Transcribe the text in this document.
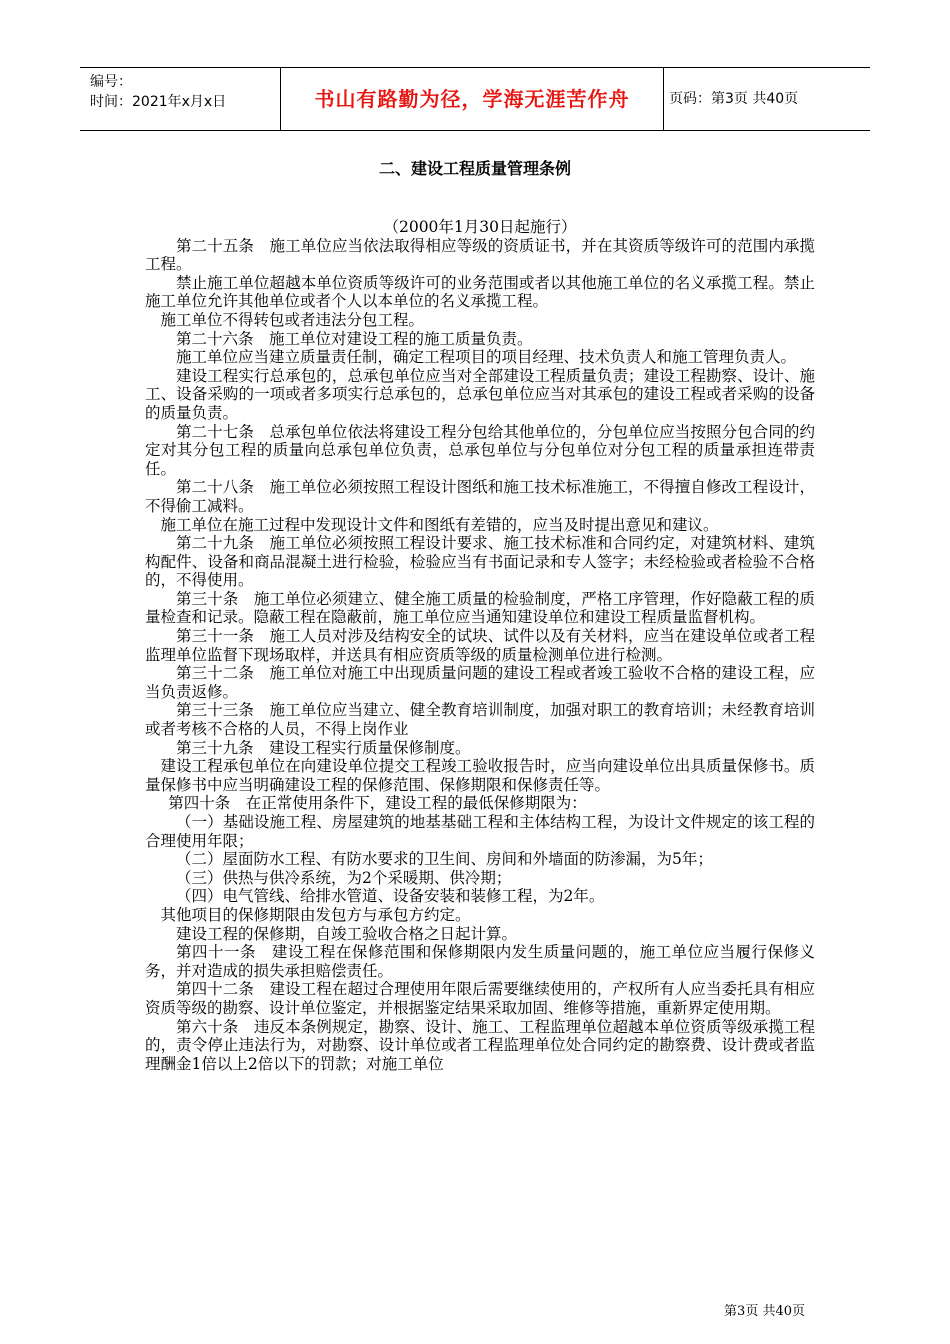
编号：
时间：2021年x月x日	书山有路勤为径，学海无涯苦作舟	页码：第3页 共40页
二、建设工程质量管理条例

（2000年1月30日起施行）

第二十五条　施工单位应当依法取得相应等级的资质证书，并在其资质等级许可的范围内承揽工程。

禁止施工单位超越本单位资质等级许可的业务范围或者以其他施工单位的名义承揽工程。禁止施工单位允许其他单位或者个人以本单位的名义承揽工程。

施工单位不得转包或者违法分包工程。

第二十六条　施工单位对建设工程的施工质量负责。

施工单位应当建立质量责任制，确定工程项目的项目经理、技术负责人和施工管理负责人。

建设工程实行总承包的，总承包单位应当对全部建设工程质量负责；建设工程勘察、设计、施工、设备采购的一项或者多项实行总承包的，总承包单位应当对其承包的建设工程或者采购的设备的质量负责。

第二十七条　总承包单位依法将建设工程分包给其他单位的，分包单位应当按照分包合同的约定对其分包工程的质量向总承包单位负责，总承包单位与分包单位对分包工程的质量承担连带责任。

第二十八条　施工单位必须按照工程设计图纸和施工技术标准施工，不得擅自修改工程设计，不得偷工减料。

施工单位在施工过程中发现设计文件和图纸有差错的，应当及时提出意见和建议。

第二十九条　施工单位必须按照工程设计要求、施工技术标准和合同约定，对建筑材料、建筑构配件、设备和商品混凝土进行检验，检验应当有书面记录和专人签字；未经检验或者检验不合格的，不得使用。

第三十条　施工单位必须建立、健全施工质量的检验制度，严格工序管理，作好隐蔽工程的质量检查和记录。隐蔽工程在隐蔽前，施工单位应当通知建设单位和建设工程质量监督机构。

第三十一条　施工人员对涉及结构安全的试块、试件以及有关材料，应当在建设单位或者工程监理单位监督下现场取样，并送具有相应资质等级的质量检测单位进行检测。

第三十二条　施工单位对施工中出现质量问题的建设工程或者竣工验收不合格的建设工程，应当负责返修。

第三十三条　施工单位应当建立、健全教育培训制度，加强对职工的教育培训；未经教育培训或者考核不合格的人员，不得上岗作业

第三十九条　建设工程实行质量保修制度。

建设工程承包单位在向建设单位提交工程竣工验收报告时，应当向建设单位出具质量保修书。质量保修书中应当明确建设工程的保修范围、保修期限和保修责任等。

第四十条　在正常使用条件下，建设工程的最低保修期限为：

（一）基础设施工程、房屋建筑的地基基础工程和主体结构工程，为设计文件规定的该工程的合理使用年限；

（二）屋面防水工程、有防水要求的卫生间、房间和外墙面的防渗漏，为5年；

（三）供热与供冷系统，为2个采暖期、供冷期；

（四）电气管线、给排水管道、设备安装和装修工程，为2年。

其他项目的保修期限由发包方与承包方约定。

建设工程的保修期，自竣工验收合格之日起计算。

第四十一条　建设工程在保修范围和保修期限内发生质量问题的，施工单位应当履行保修义务，并对造成的损失承担赔偿责任。

第四十二条　建设工程在超过合理使用年限后需要继续使用的，产权所有人应当委托具有相应资质等级的勘察、设计单位鉴定，并根据鉴定结果采取加固、维修等措施，重新界定使用期。

第六十条　违反本条例规定，勘察、设计、施工、工程监理单位超越本单位资质等级承揽工程的，责令停止违法行为，对勘察、设计单位或者工程监理单位处合同约定的勘察费、设计费或者监理酬金1倍以上2倍以下的罚款；对施工单位

第3页 共40页
